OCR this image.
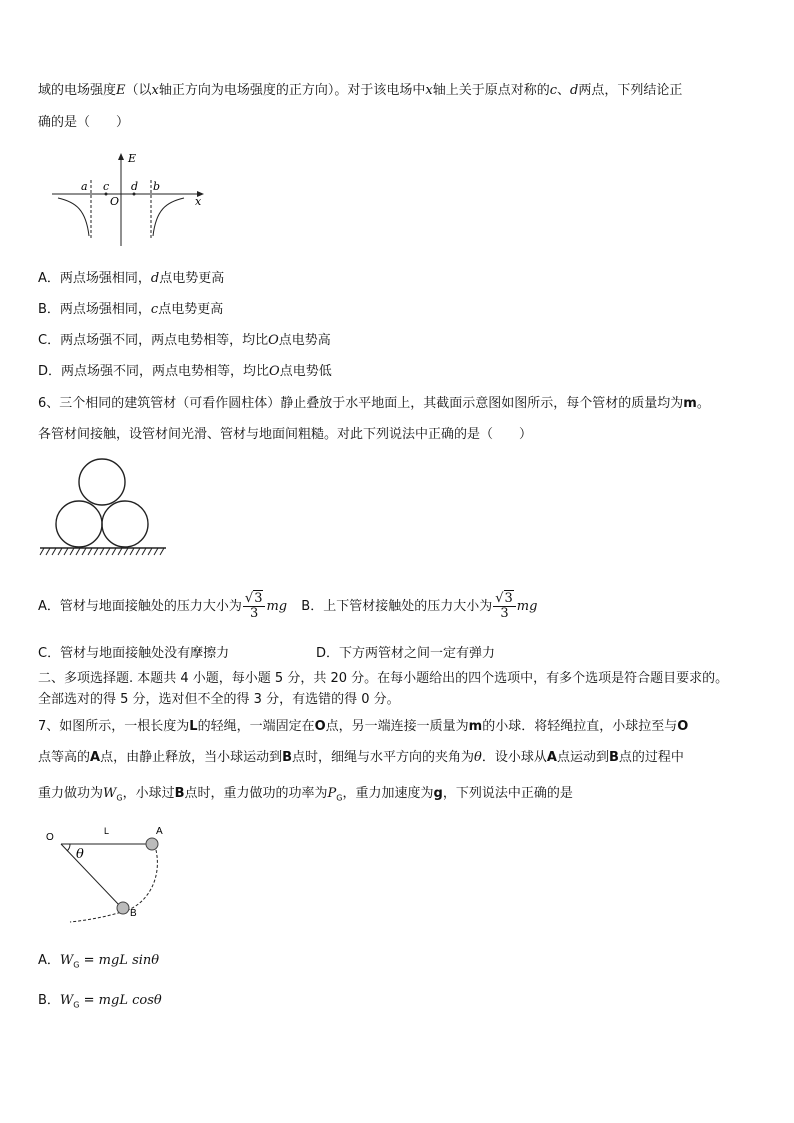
域的电场强度E（以x轴正方向为电场强度的正方向）。对于该电场中x轴上关于原点对称的c、d两点，下列结论正
确的是（　　）
E
x
O
a c d b
A．两点场强相同，d点电势更高
B．两点场强相同，c点电势更高
C．两点场强不同，两点电势相等，均比O点电势高
D．两点场强不同，两点电势相等，均比O点电势低
6、三个相同的建筑管材（可看作圆柱体）静止叠放于水平地面上，其截面示意图如图所示，每个管材的质量均为m。
各管材间接触，设管材间光滑、管材与地面间粗糙。对此下列说法中正确的是（　　）
A．管材与地面接触处的压力大小为 $\frac{√3}{3}$ mg B．上下管材接触处的压力大小为 $\frac{√3}{3}$ mg
C．管材与地面接触处没有摩擦力	D．下方两管材之间一定有弹力
二、多项选择题. 本题共 4 小题，每小题 5 分，共 20 分。在每小题给出的四个选项中，有多个选项是符合题目要求的。
全部选对的得 5 分，选对但不全的得 3 分，有选错的得 0 分。
7、如图所示，一根长度为L的轻绳，一端固定在O点，另一端连接一质量为m的小球．将轻绳拉直，小球拉至与O
点等高的A点，由静止释放，当小球运动到B点时，细绳与水平方向的夹角为θ．设小球从A点运动到B点的过程中
重力做功为$W_G$，小球过B点时，重力做功的功率为$P_G$，重力加速度为g，下列说法中正确的是
O
L	A
B
θ
A．$W_G$ = mgL sinθ
B．$W_G$ = mgL cosθ
